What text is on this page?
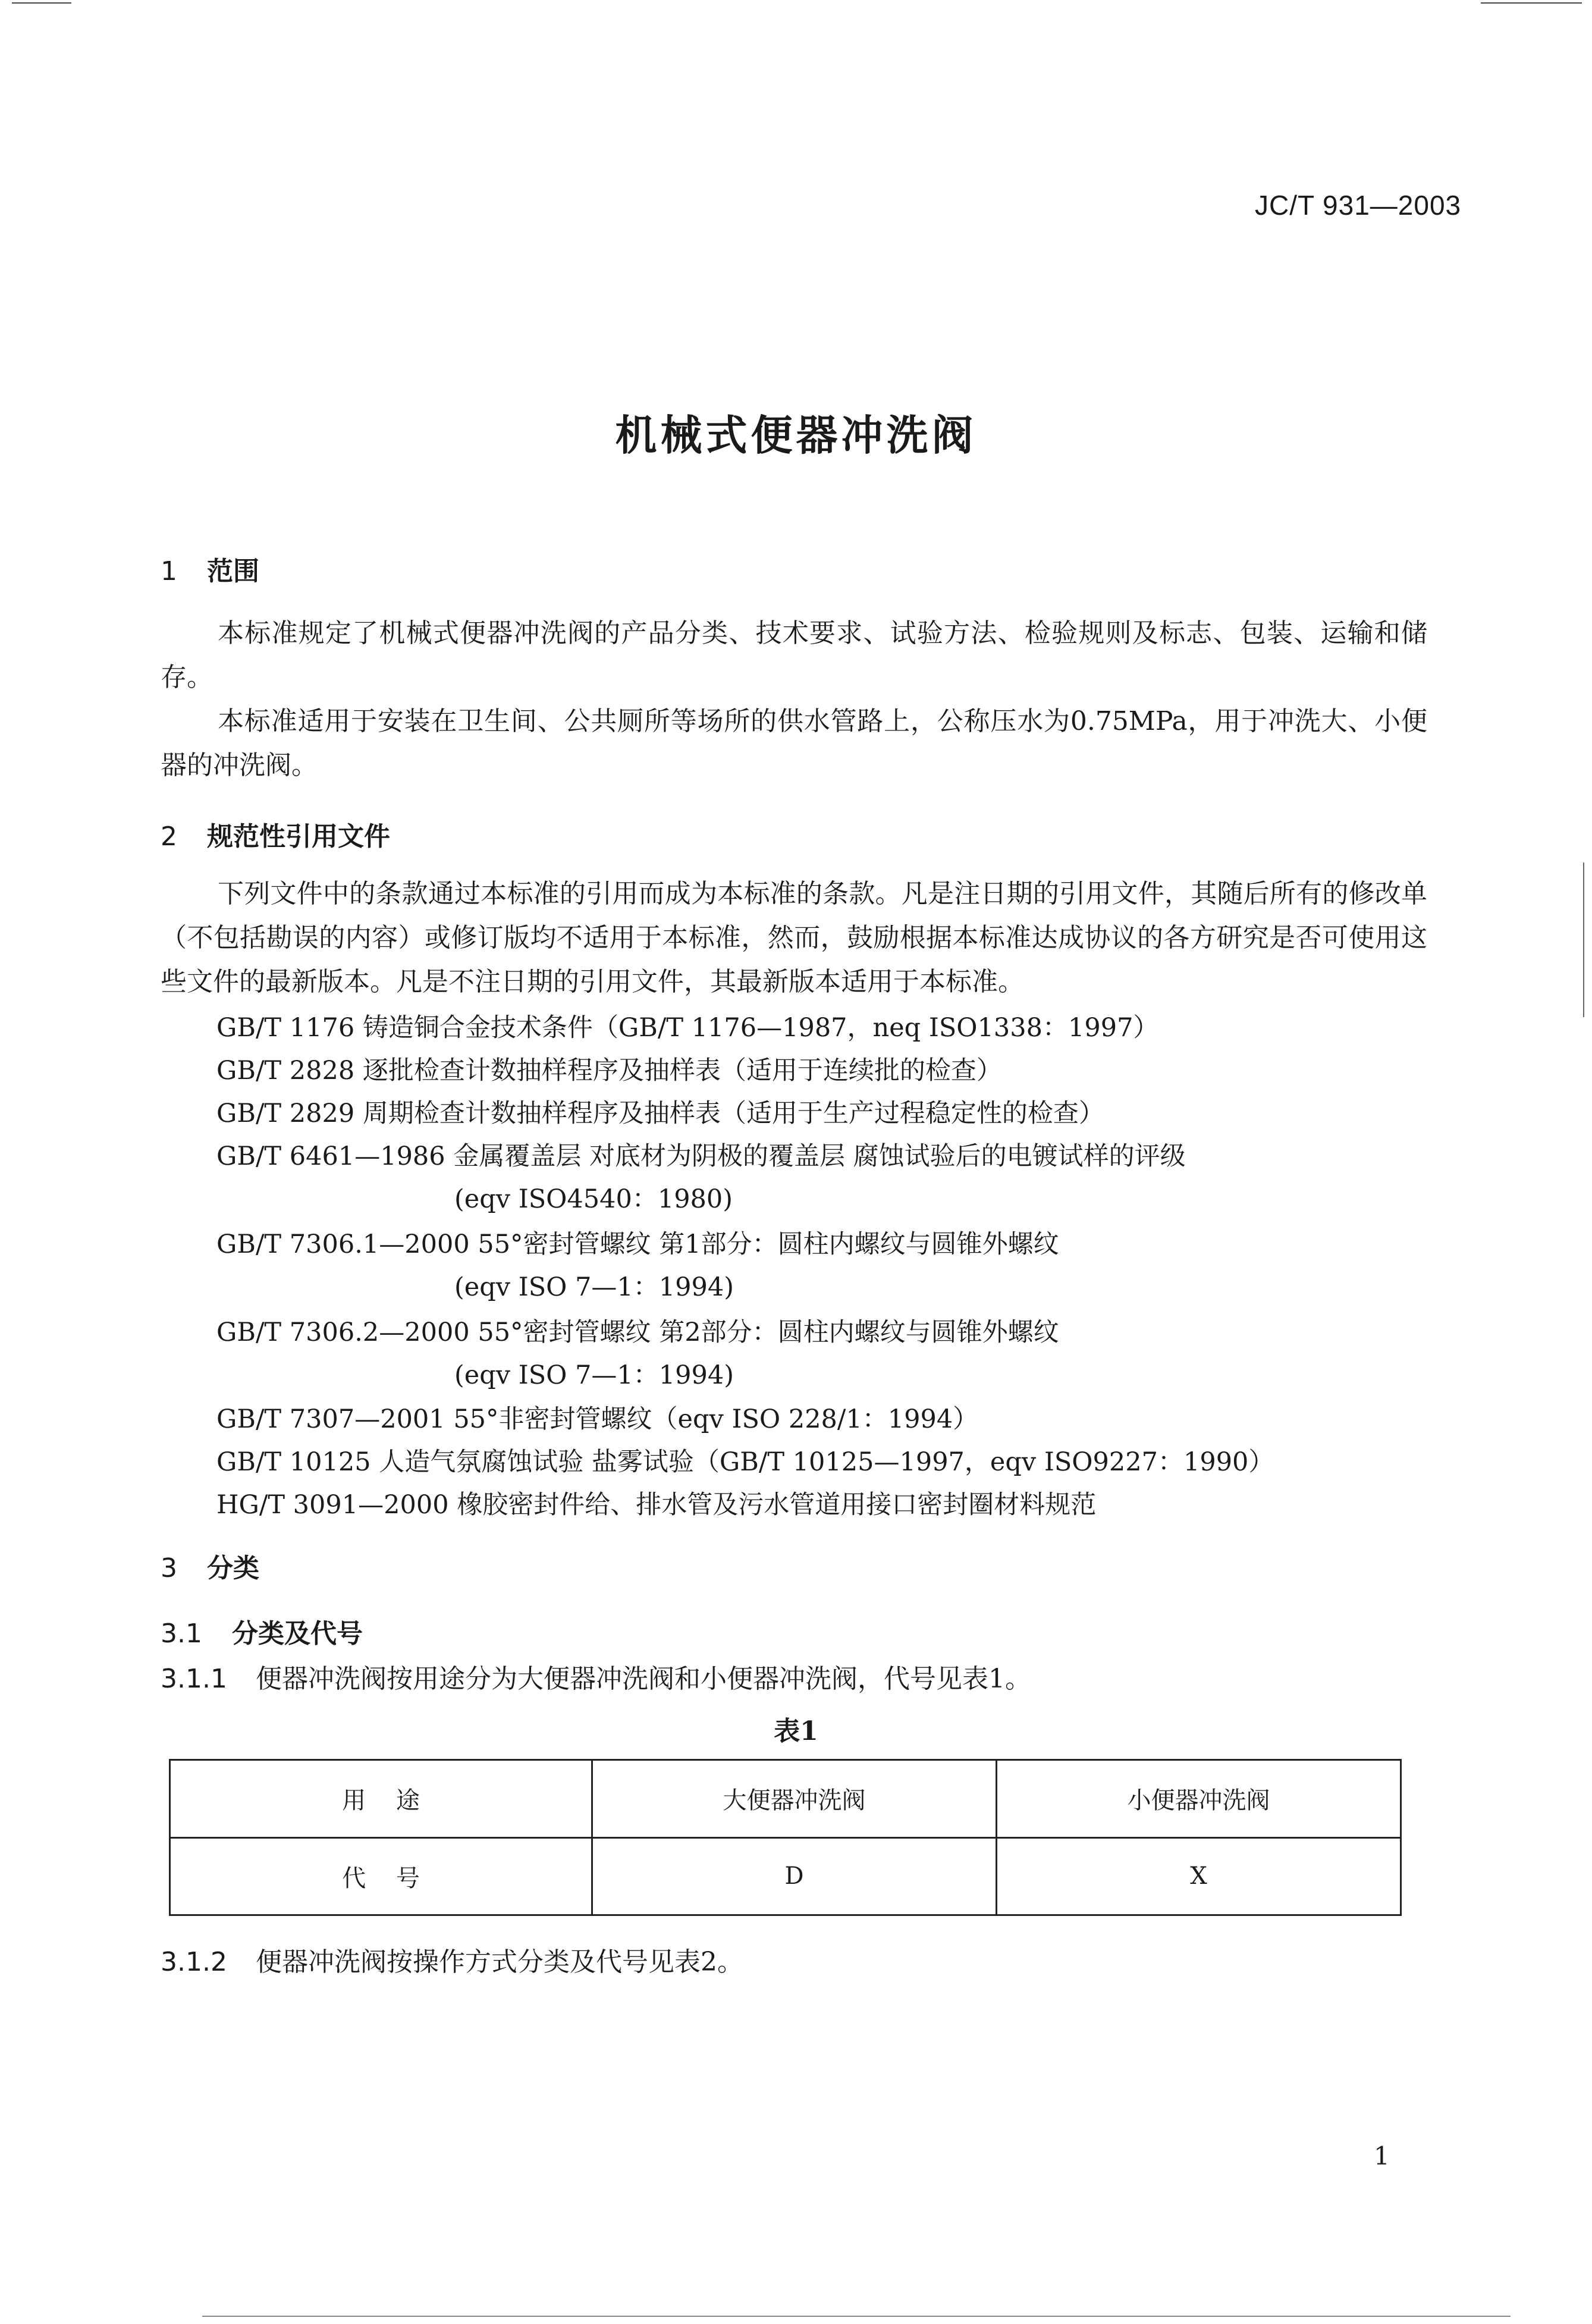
JC/T 931—2003
机械式便器冲洗阀
1 范围
本标准规定了机械式便器冲洗阀的产品分类、技术要求、试验方法、检验规则及标志、包装、运输和储存。
本标准适用于安装在卫生间、公共厕所等场所的供水管路上，公称压水为0.75MPa，用于冲洗大、小便器的冲洗阀。
2 规范性引用文件
下列文件中的条款通过本标准的引用而成为本标准的条款。凡是注日期的引用文件，其随后所有的修改单（不包括勘误的内容）或修订版均不适用于本标准，然而，鼓励根据本标准达成协议的各方研究是否可使用这些文件的最新版本。凡是不注日期的引用文件，其最新版本适用于本标准。
GB/T 1176 铸造铜合金技术条件（GB/T 1176—1987，neq ISO1338：1997）
GB/T 2828 逐批检查计数抽样程序及抽样表（适用于连续批的检查）
GB/T 2829 周期检查计数抽样程序及抽样表（适用于生产过程稳定性的检查）
GB/T 6461—1986 金属覆盖层 对底材为阴极的覆盖层 腐蚀试验后的电镀试样的评级
(eqv ISO4540：1980)
GB/T 7306.1—2000 55°密封管螺纹 第1部分：圆柱内螺纹与圆锥外螺纹
(eqv ISO 7—1：1994)
GB/T 7306.2—2000 55°密封管螺纹 第2部分：圆柱内螺纹与圆锥外螺纹
(eqv ISO 7—1：1994)
GB/T 7307—2001 55°非密封管螺纹（eqv ISO 228/1：1994）
GB/T 10125 人造气氛腐蚀试验 盐雾试验（GB/T 10125—1997，eqv ISO9227：1990）
HG/T 3091—2000 橡胶密封件给、排水管及污水管道用接口密封圈材料规范
3 分类
3.1 分类及代号
3.1.1 便器冲洗阀按用途分为大便器冲洗阀和小便器冲洗阀，代号见表1。
表1
用    途	大便器冲洗阀	小便器冲洗阀
代    号	D	X
3.1.2 便器冲洗阀按操作方式分类及代号见表2。
1
